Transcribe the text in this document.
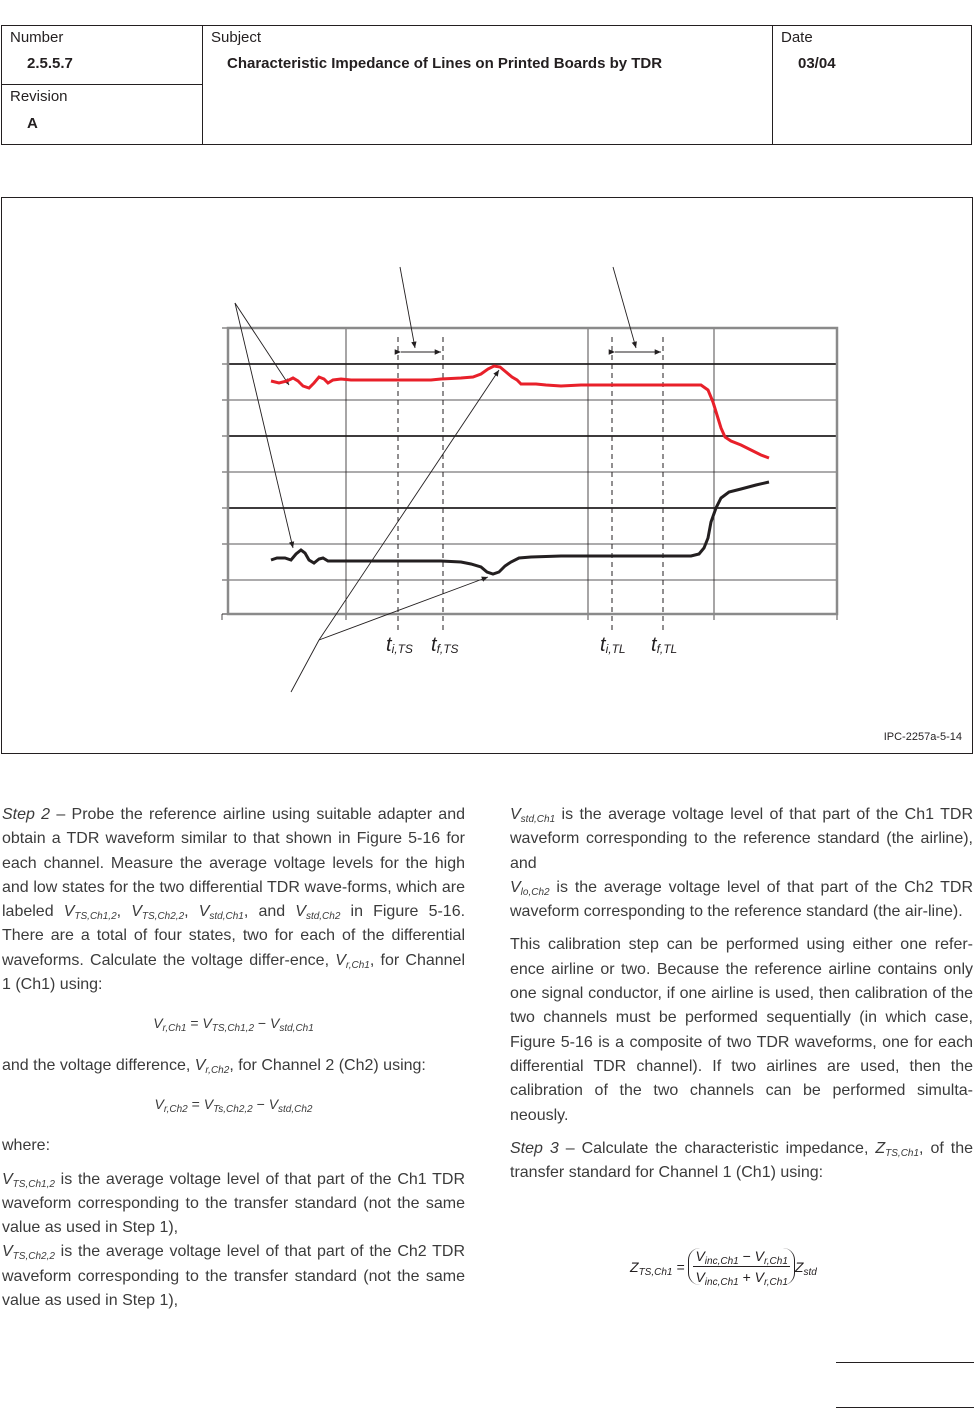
Number
2.5.5.7
Revision
A
Subject
Characteristic Impedance of Lines on Printed Boards by TDR
Date
03/04
ti,TS tf,TS	ti,TL tf,TL
IPC-2257a-5-14

Step 2 – Probe the reference airline using suitable adapter and obtain a TDR waveform similar to that shown in Figure 5-16 for each channel. Measure the average voltage levels for the high and low states for the two differential TDR wave-forms, which are labeled $V_{TS,Ch1,2}$, $V_{TS,Ch2,2}$, $V_{std,Ch1}$, and $V_{std,Ch2}$ in Figure 5-16. There are a total of four states, two for each of the differential waveforms. Calculate the voltage differ-ence, $V_{r,Ch1}$, for Channel 1 (Ch1) using:

$V_{r,Ch1} = V_{TS,Ch1,2} - V_{std,Ch1}$

and the voltage difference, $V_{r,Ch2}$, for Channel 2 (Ch2) using:

$V_{r,Ch2} = V_{Ts,Ch2,2} - V_{std,Ch2}$

where:

$V_{TS,Ch1,2}$ is the average voltage level of that part of the Ch1 TDR waveform corresponding to the transfer standard (not the same value as used in Step 1),

$V_{TS,Ch2,2}$ is the average voltage level of that part of the Ch2 TDR waveform corresponding to the transfer standard (not the same value as used in Step 1),

$V_{std,Ch1}$ is the average voltage level of that part of the Ch1 TDR waveform corresponding to the reference standard (the airline), and

$V_{lo,Ch2}$ is the average voltage level of that part of the Ch2 TDR waveform corresponding to the reference standard (the air-line).

This calibration step can be performed using either one refer-ence airline or two. Because the reference airline contains only one signal conductor, if one airline is used, then calibration of the two channels must be performed sequentially (in which case, Figure 5-16 is a composite of two TDR waveforms, one for each differential TDR channel). If two airlines are used, then the calibration of the two channels can be performed simulta-neously.

Step 3 – Calculate the characteristic impedance, $Z_{TS,Ch1}$, of the transfer standard for Channel 1 (Ch1) using:

$Z_{TS,Ch1}$ =
$V_{inc,Ch1} - V_{r,Ch1}$
$V_{inc,Ch1} + V_{r,Ch1}$
$Z_{std}$
